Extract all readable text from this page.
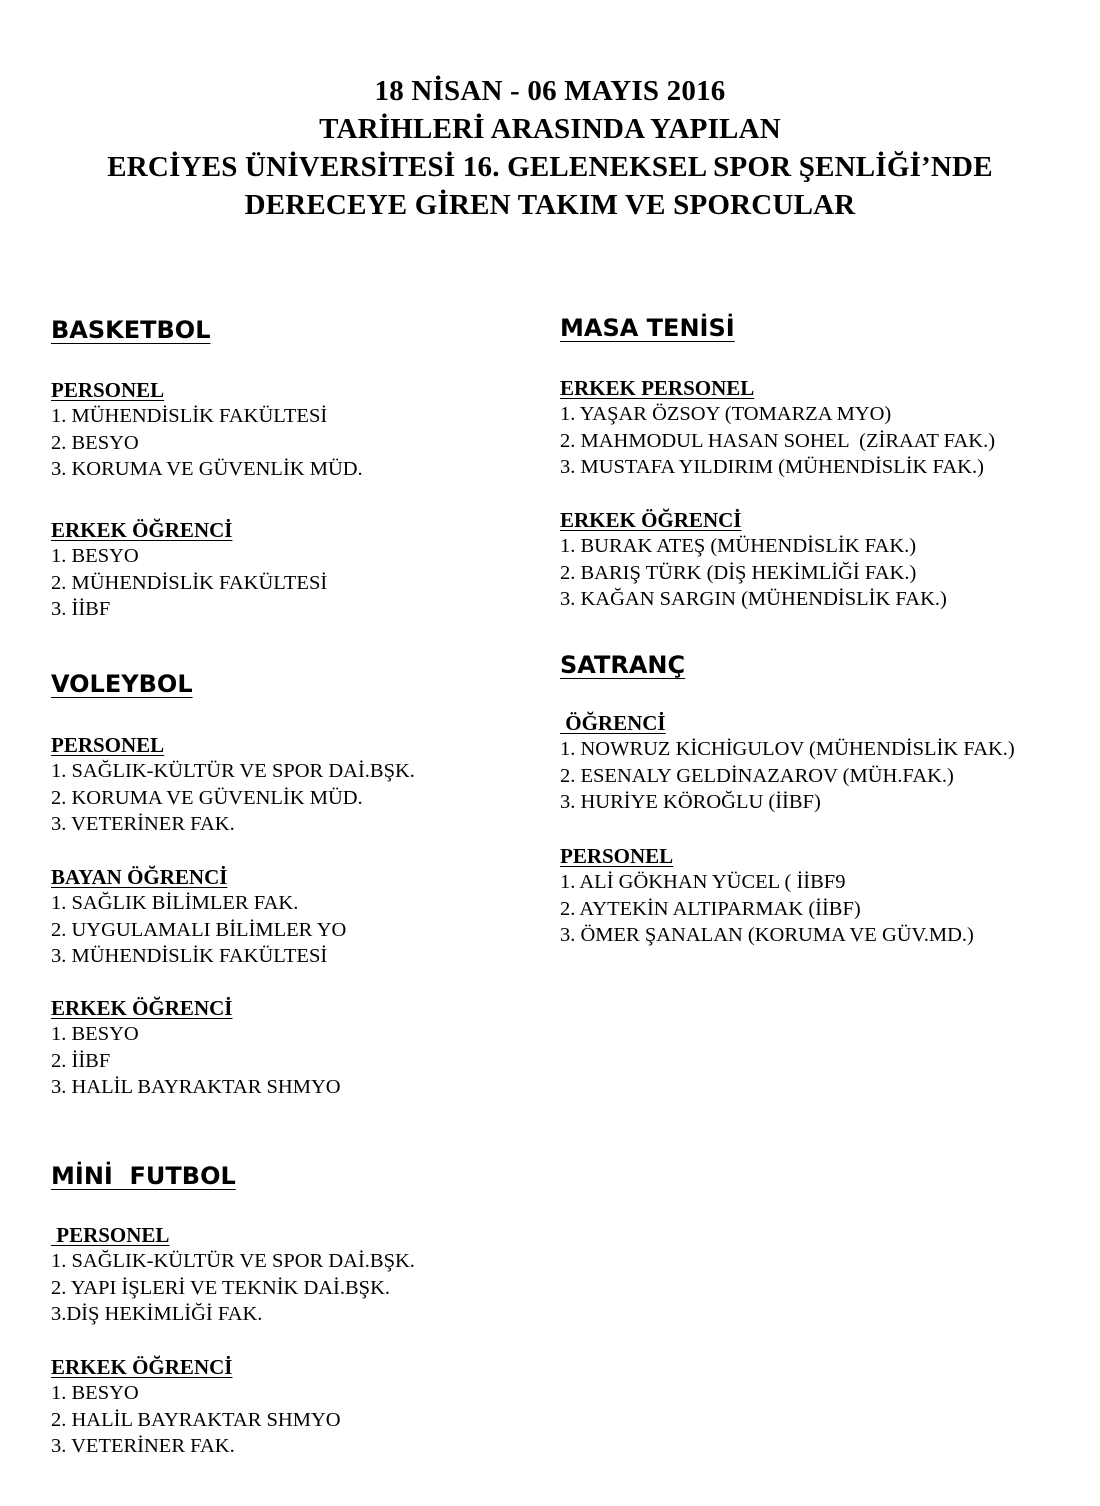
18 NİSAN - 06 MAYIS 2016
TARİHLERİ ARASINDA YAPILAN
ERCİYES ÜNİVERSİTESİ 16. GELENEKSEL SPOR ŞENLİĞİ’NDE
DERECEYE GİREN TAKIM VE SPORCULAR
BASKETBOL
PERSONEL
1. MÜHENDİSLİK FAKÜLTESİ
2. BESYO
3. KORUMA VE GÜVENLİK MÜD.
ERKEK ÖĞRENCİ
1. BESYO
2. MÜHENDİSLİK FAKÜLTESİ
3. İİBF
VOLEYBOL
PERSONEL
1. SAĞLIK-KÜLTÜR VE SPOR DAİ.BŞK.
2. KORUMA VE GÜVENLİK MÜD.
3. VETERİNER FAK.
BAYAN ÖĞRENCİ
1. SAĞLIK BİLİMLER FAK.
2. UYGULAMALI BİLİMLER YO
3. MÜHENDİSLİK FAKÜLTESİ
ERKEK ÖĞRENCİ
1. BESYO
2. İİBF
3. HALİL BAYRAKTAR SHMYO
MİNİ  FUTBOL
PERSONEL
1. SAĞLIK-KÜLTÜR VE SPOR DAİ.BŞK.
2. YAPI İŞLERİ VE TEKNİK DAİ.BŞK.
3.DİŞ HEKİMLİĞİ FAK.
ERKEK ÖĞRENCİ
1. BESYO
2. HALİL BAYRAKTAR SHMYO
3. VETERİNER FAK.
MASA TENİSİ
ERKEK PERSONEL
1. YAŞAR ÖZSOY (TOMARZA MYO)
2. MAHMODUL HASAN SOHEL  (ZİRAAT FAK.)
3. MUSTAFA YILDIRIM (MÜHENDİSLİK FAK.)
ERKEK ÖĞRENCİ
1. BURAK ATEŞ (MÜHENDİSLİK FAK.)
2. BARIŞ TÜRK (DİŞ HEKİMLİĞİ FAK.)
3. KAĞAN SARGIN (MÜHENDİSLİK FAK.)
SATRANÇ
ÖĞRENCİ
1. NOWRUZ KİCHİGULOV (MÜHENDİSLİK FAK.)
2. ESENALY GELDİNAZAROV (MÜH.FAK.)
3. HURİYE KÖROĞLU (İİBF)
PERSONEL
1. ALİ GÖKHAN YÜCEL ( İİBF9
2. AYTEKİN ALTIPARMAK (İİBF)
3. ÖMER ŞANALAN (KORUMA VE GÜV.MD.)
